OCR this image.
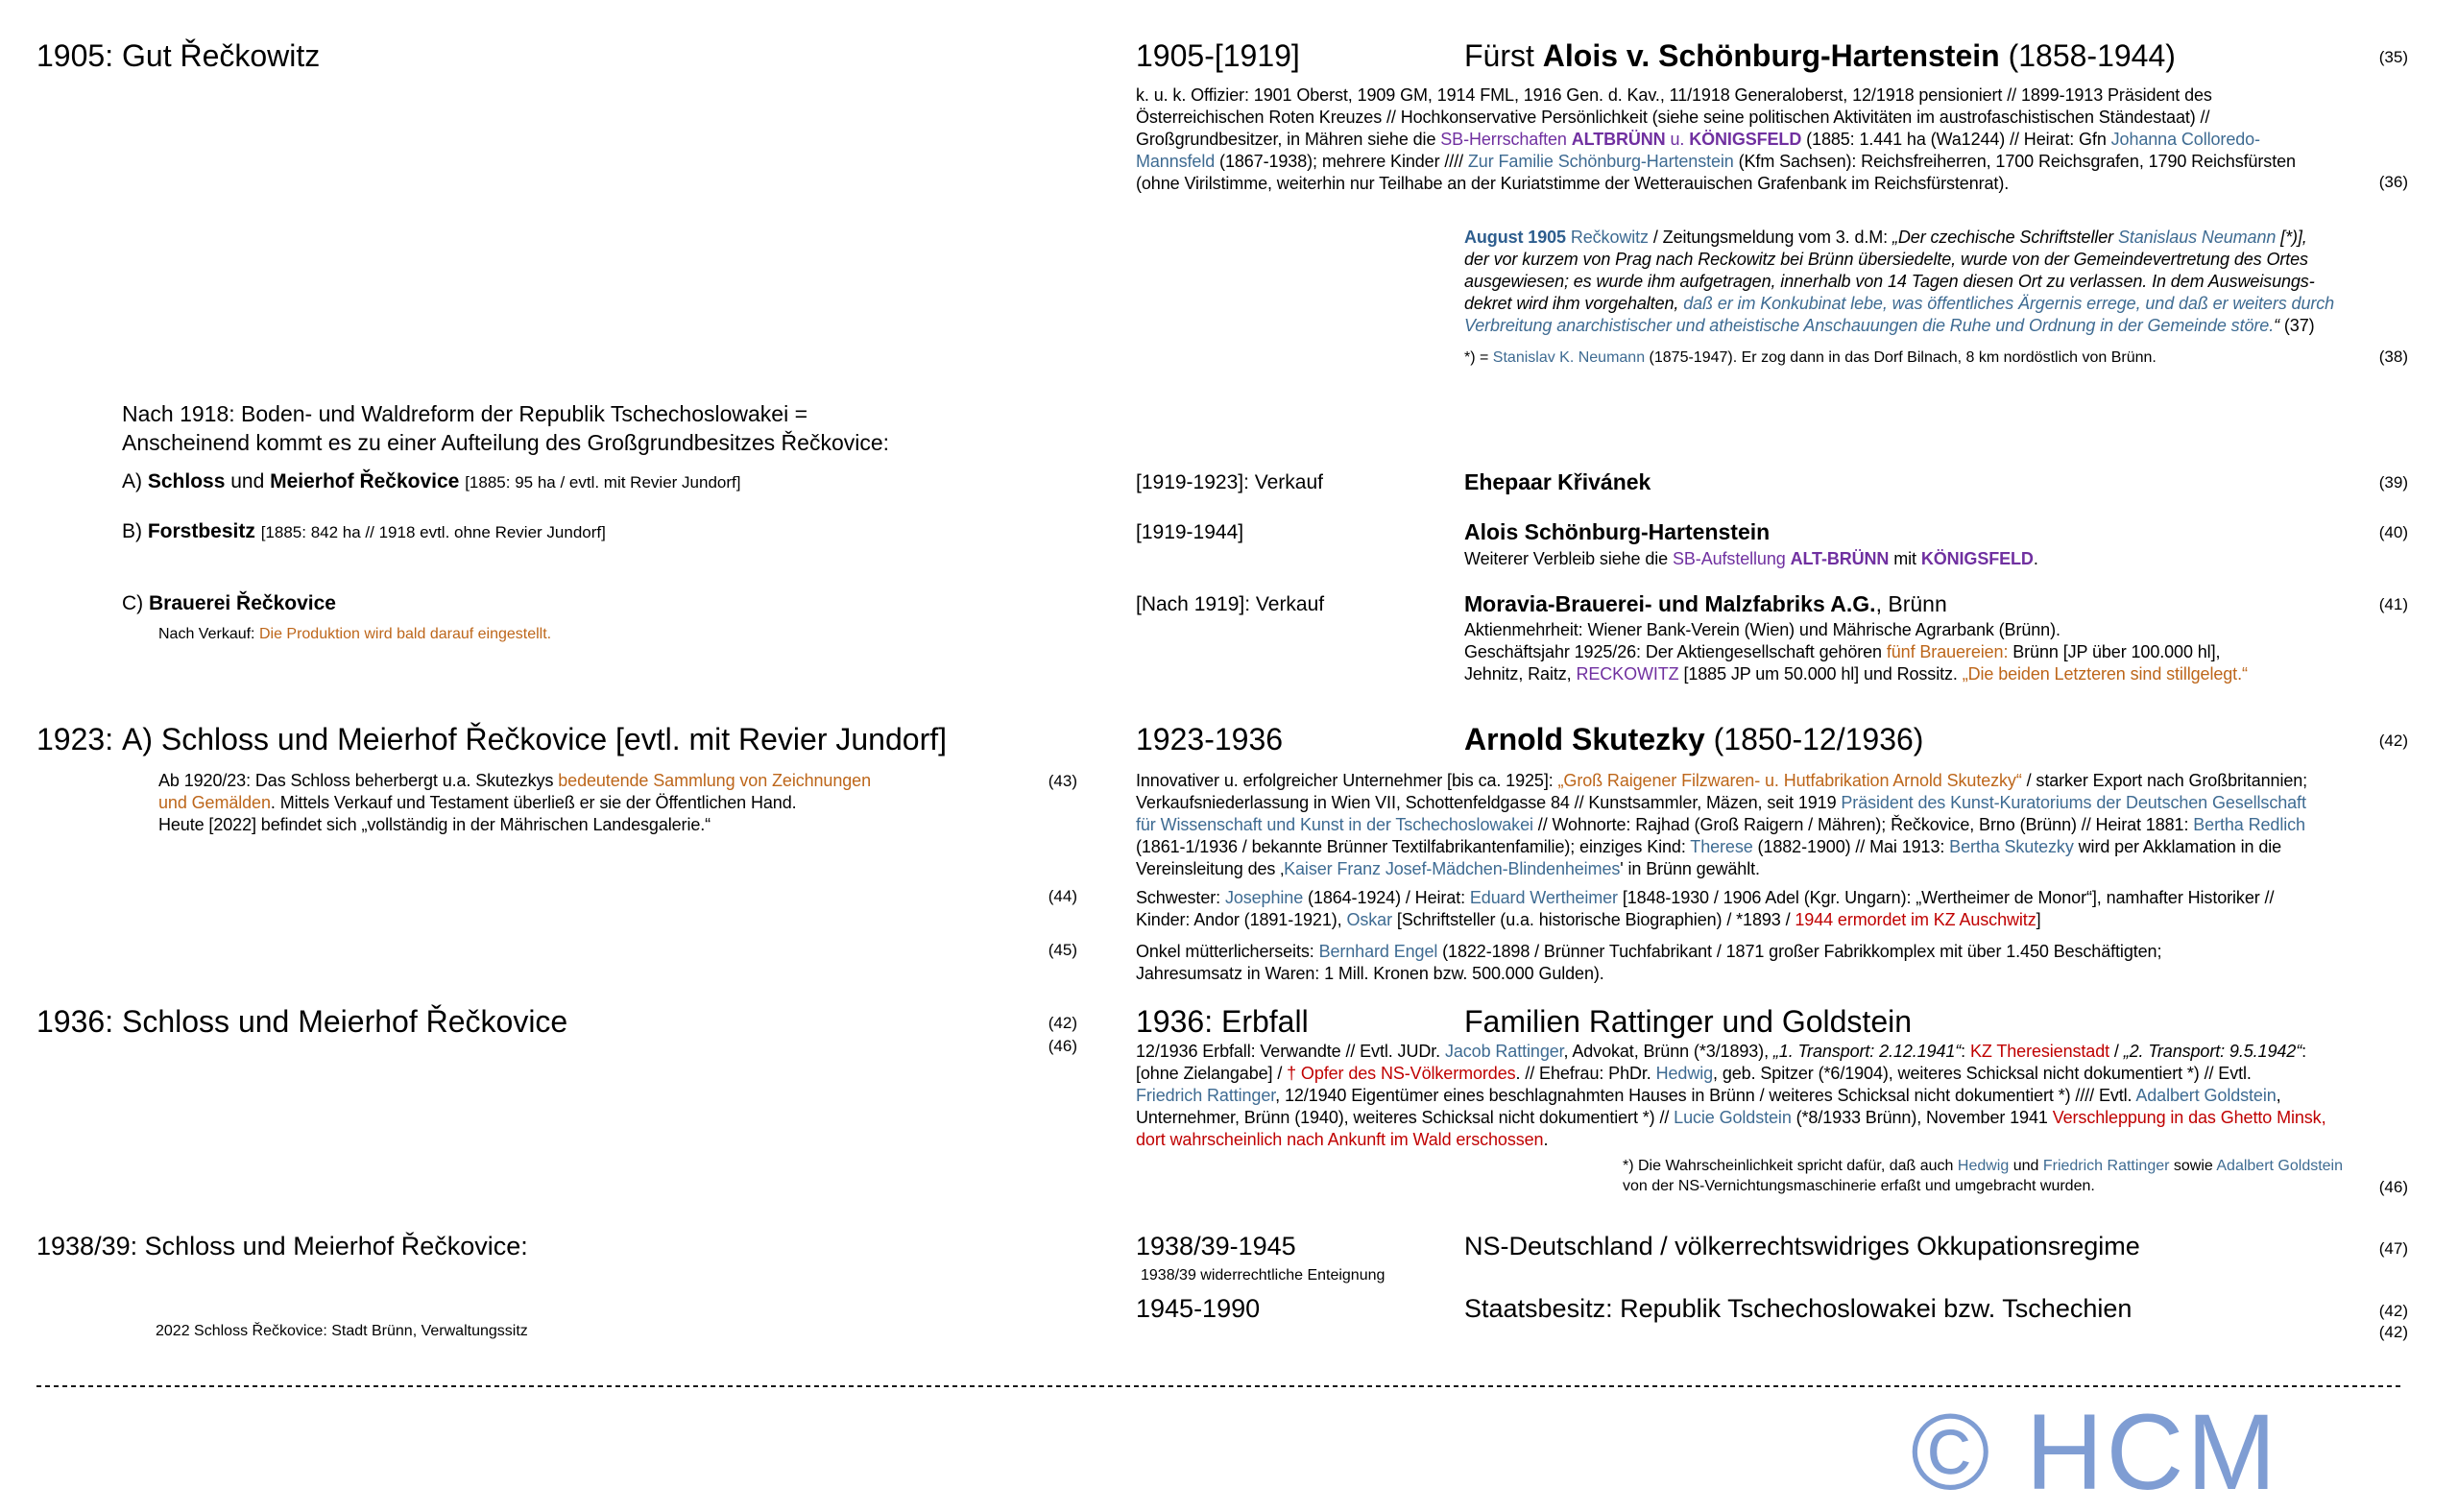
1905: Gut Řečkowitz	1905-[1919]	Fürst Alois v. Schönburg-Hartenstein (1858-1944)	(35)
k. u. k. Offizier: 1901 Oberst, 1909 GM, 1914 FML, 1916 Gen. d. Kav., 11/1918 Generaloberst, 12/1918 pensioniert // 1899-1913 Präsident des
Österreichischen Roten Kreuzes // Hochkonservative Persönlichkeit (siehe seine politischen Aktivitäten im austrofaschistischen Ständestaat) //
Großgrundbesitzer, in Mähren siehe die SB-Herrschaften ALTBRÜNN u. KÖNIGSFELD (1885: 1.441 ha (Wa1244) // Heirat: Gfn Johanna Colloredo-
Mannsfeld (1867-1938); mehrere Kinder //// Zur Familie Schönburg-Hartenstein (Kfm Sachsen): Reichsfreiherren, 1700 Reichsgrafen, 1790 Reichsfürsten
(ohne Virilstimme, weiterhin nur Teilhabe an der Kuriatstimme der Wetterauischen Grafenbank im Reichsfürstenrat).	(36)
August 1905 Rečkowitz / Zeitungsmeldung vom 3. d.M: „Der czechische Schriftsteller Stanislaus Neumann [*)],
der vor kurzem von Prag nach Reckowitz bei Brünn übersiedelte, wurde von der Gemeindevertretung des Ortes
ausgewiesen; es wurde ihm aufgetragen, innerhalb von 14 Tagen diesen Ort zu verlassen. In dem Ausweisungs-
dekret wird ihm vorgehalten, daß er im Konkubinat lebe, was öffentliches Ärgernis errege, und daß er weiters durch
Verbreitung anarchistischer und atheistische Anschauungen die Ruhe und Ordnung in der Gemeinde störe.“ (37)
*) = Stanislav K. Neumann (1875-1947). Er zog dann in das Dorf Bilnach, 8 km nordöstlich von Brünn.	(38)
Nach 1918: Boden- und Waldreform der Republik Tschechoslowakei =
Anscheinend kommt es zu einer Aufteilung des Großgrundbesitzes Řečkovice:
A) Schloss und Meierhof Řečkovice [1885: 95 ha / evtl. mit Revier Jundorf]	[1919-1923]: Verkauf	Ehepaar Křivánek	(39)
B) Forstbesitz [1885: 842 ha // 1918 evtl. ohne Revier Jundorf]	[1919-1944]	Alois Schönburg-Hartenstein	(40)
Weiterer Verbleib siehe die SB-Aufstellung ALT-BRÜNN mit KÖNIGSFELD.
C) Brauerei Řečkovice	[Nach 1919]: Verkauf	Moravia-Brauerei- und Malzfabriks A.G., Brünn	(41)
Nach Verkauf: Die Produktion wird bald darauf eingestellt.	Aktienmehrheit: Wiener Bank-Verein (Wien) und Mährische Agrarbank (Brünn).
Geschäftsjahr 1925/26: Der Aktiengesellschaft gehören fünf Brauereien: Brünn [JP über 100.000 hl],
Jehnitz, Raitz, RECKOWITZ [1885 JP um 50.000 hl] und Rossitz. „Die beiden Letzteren sind stillgelegt.“
1923: A) Schloss und Meierhof Řečkovice [evtl. mit Revier Jundorf]	1923-1936	Arnold Skutezky (1850-12/1936)	(42)
Ab 1920/23: Das Schloss beherbergt u.a. Skutezkys bedeutende Sammlung von Zeichnungen
und Gemälden. Mittels Verkauf und Testament überließ er sie der Öffentlichen Hand.
Heute [2022] befindet sich „vollständig in der Mährischen Landesgalerie.“
(43)	Innovativer u. erfolgreicher Unternehmer [bis ca. 1925]: „Groß Raigener Filzwaren- u. Hutfabrikation Arnold Skutezky“ / starker Export nach Großbritannien;
Verkaufsniederlassung in Wien VII, Schottenfeldgasse 84 // Kunstsammler, Mäzen, seit 1919 Präsident des Kunst-Kuratoriums der Deutschen Gesellschaft
für Wissenschaft und Kunst in der Tschechoslowakei // Wohnorte: Rajhad (Groß Raigern / Mähren); Řečkovice, Brno (Brünn) // Heirat 1881: Bertha Redlich
(1861-1/1936 / bekannte Brünner Textilfabrikantenfamilie); einziges Kind: Therese (1882-1900) // Mai 1913: Bertha Skutezky wird per Akklamation in die
Vereinsleitung des ‚Kaiser Franz Josef-Mädchen-Blindenheimes' in Brünn gewählt.
(44)	Schwester: Josephine (1864-1924) / Heirat: Eduard Wertheimer [1848-1930 / 1906 Adel (Kgr. Ungarn): „Wertheimer de Monor“], namhafter Historiker //
Kinder: Andor (1891-1921), Oskar [Schriftsteller (u.a. historische Biographien) / *1893 / 1944 ermordet im KZ Auschwitz]
(45)	Onkel mütterlicherseits: Bernhard Engel (1822-1898 / Brünner Tuchfabrikant / 1871 großer Fabrikkomplex mit über 1.450 Beschäftigten;
Jahresumsatz in Waren: 1 Mill. Kronen bzw. 500.000 Gulden).
1936: Schloss und Meierhof Řečkovice	(42)
(46)
1936: Erbfall	Familien Rattinger und Goldstein
12/1936 Erbfall: Verwandte // Evtl. JUDr. Jacob Rattinger, Advokat, Brünn (*3/1893), „1. Transport: 2.12.1941“: KZ Theresienstadt / „2. Transport: 9.5.1942“:
[ohne Zielangabe] / † Opfer des NS-Völkermordes. // Ehefrau: PhDr. Hedwig, geb. Spitzer (*6/1904), weiteres Schicksal nicht dokumentiert *) // Evtl.
Friedrich Rattinger, 12/1940 Eigentümer eines beschlagnahmten Hauses in Brünn / weiteres Schicksal nicht dokumentiert *) //// Evtl. Adalbert Goldstein,
Unternehmer, Brünn (1940), weiteres Schicksal nicht dokumentiert *) // Lucie Goldstein (*8/1933 Brünn), November 1941 Verschleppung in das Ghetto Minsk,
dort wahrscheinlich nach Ankunft im Wald erschossen.
*) Die Wahrscheinlichkeit spricht dafür, daß auch Hedwig und Friedrich Rattinger sowie Adalbert Goldstein
von der NS-Vernichtungsmaschinerie erfaßt und umgebracht wurden.	(46)
1938/39: Schloss und Meierhof Řečkovice:	1938/39-1945	NS-Deutschland / völkerrechtswidriges Okkupationsregime	(47)
1938/39 widerrechtliche Enteignung
1945-1990	Staatsbesitz: Republik Tschechoslowakei bzw. Tschechien	(42)
(42)
2022 Schloss Řečkovice: Stadt Brünn, Verwaltungssitz
© HCM
